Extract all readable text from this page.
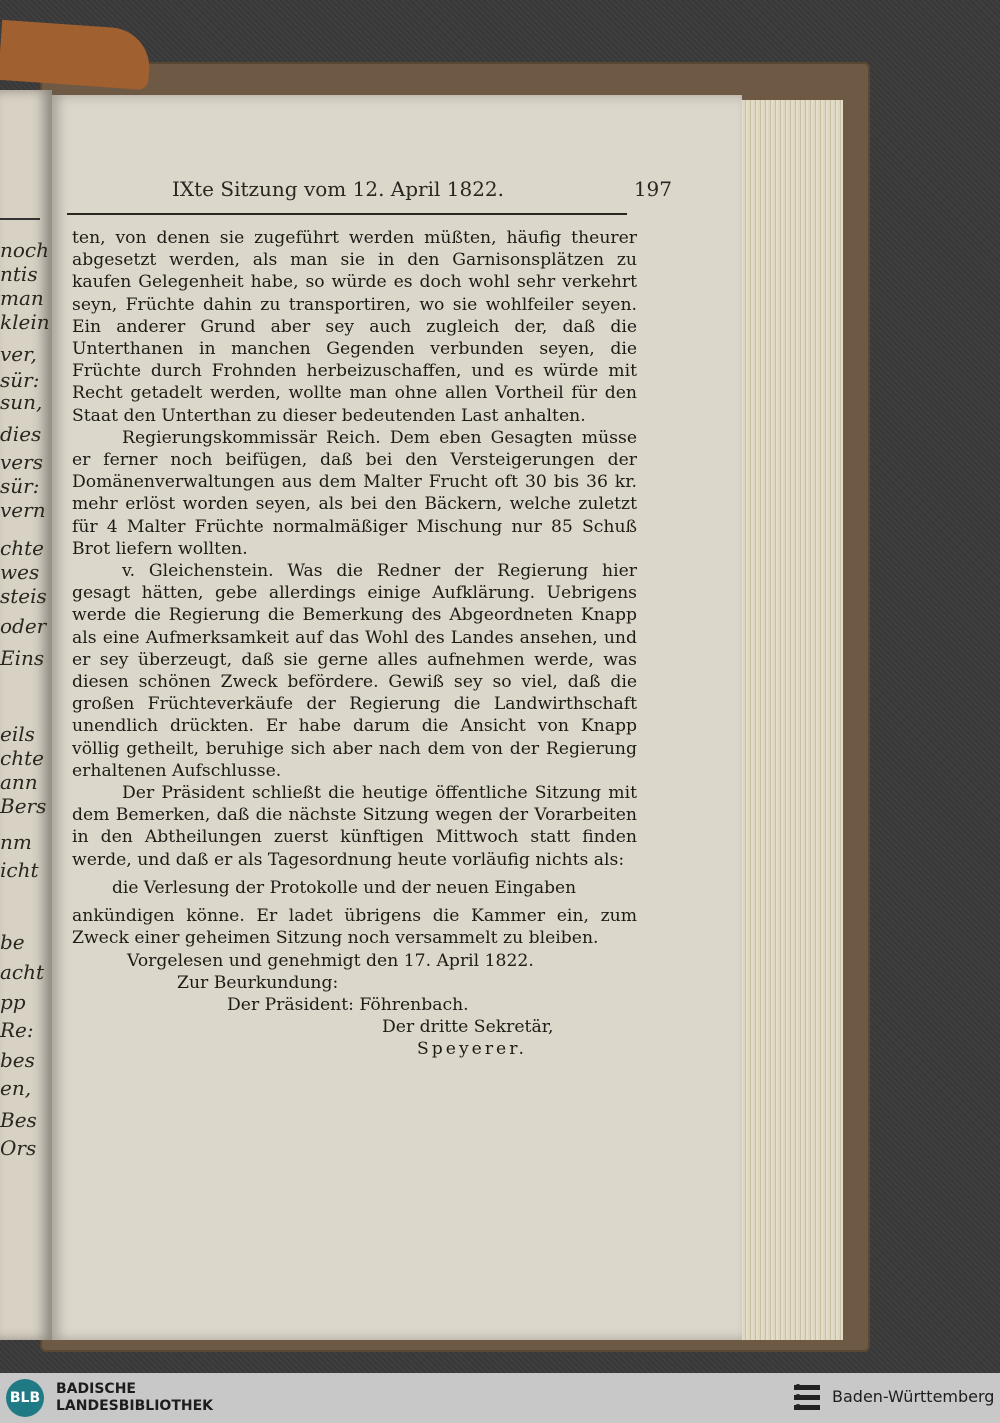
noch
ntis
man
klein
ver,
sür:
sun,
dies
vers
sür:
vern
chte
wes
steis
oder
Eins
eils
chte
ann
Bers
nm
icht
be
acht
pp
Re:
bes
en,
Bes
Ors
IXte Sitzung vom 12. April 1822.	197

ten, von denen sie zugeführt werden müßten, häufig theurer abgesetzt werden, als man sie in den Garnisonsplätzen zu kaufen Gelegenheit habe, so würde es doch wohl sehr verkehrt seyn, Früchte dahin zu transportiren, wo sie wohlfeiler seyen. Ein anderer Grund aber sey auch zugleich der, daß die Unterthanen in manchen Gegenden verbunden seyen, die Früchte durch Frohnden herbeizuschaffen, und es würde mit Recht getadelt werden, wollte man ohne allen Vortheil für den Staat den Unterthan zu dieser bedeutenden Last anhalten.

Regierungskommissär Reich. Dem eben Gesagten müsse er ferner noch beifügen, daß bei den Versteigerungen der Domänenverwaltungen aus dem Malter Frucht oft 30 bis 36 kr. mehr erlöst worden seyen, als bei den Bäckern, welche zuletzt für 4 Malter Früchte normalmäßiger Mischung nur 85 Schuß Brot liefern wollten.

v. Gleichenstein. Was die Redner der Regierung hier gesagt hätten, gebe allerdings einige Aufklärung. Uebrigens werde die Regierung die Bemerkung des Abgeordneten Knapp als eine Aufmerksamkeit auf das Wohl des Landes ansehen, und er sey überzeugt, daß sie gerne alles aufnehmen werde, was diesen schönen Zweck befördere. Gewiß sey so viel, daß die großen Früchteverkäufe der Regierung die Landwirthschaft unendlich drückten. Er habe darum die Ansicht von Knapp völlig getheilt, beruhige sich aber nach dem von der Regierung erhaltenen Aufschlusse.

Der Präsident schließt die heutige öffentliche Sitzung mit dem Bemerken, daß die nächste Sitzung wegen der Vorarbeiten in den Abtheilungen zuerst künftigen Mittwoch statt finden werde, und daß er als Tagesordnung heute vorläufig nichts als:

die Verlesung der Protokolle und der neuen Eingaben

ankündigen könne. Er ladet übrigens die Kammer ein, zum Zweck einer geheimen Sitzung noch versammelt zu bleiben.

Vorgelesen und genehmigt den 17. April 1822.

Zur Beurkundung:

Der Präsident: Föhrenbach.

Der dritte Sekretär,

Speyerer.

BLB
BADISCHE
LANDESBIBLIOTHEK	Baden-Württemberg
